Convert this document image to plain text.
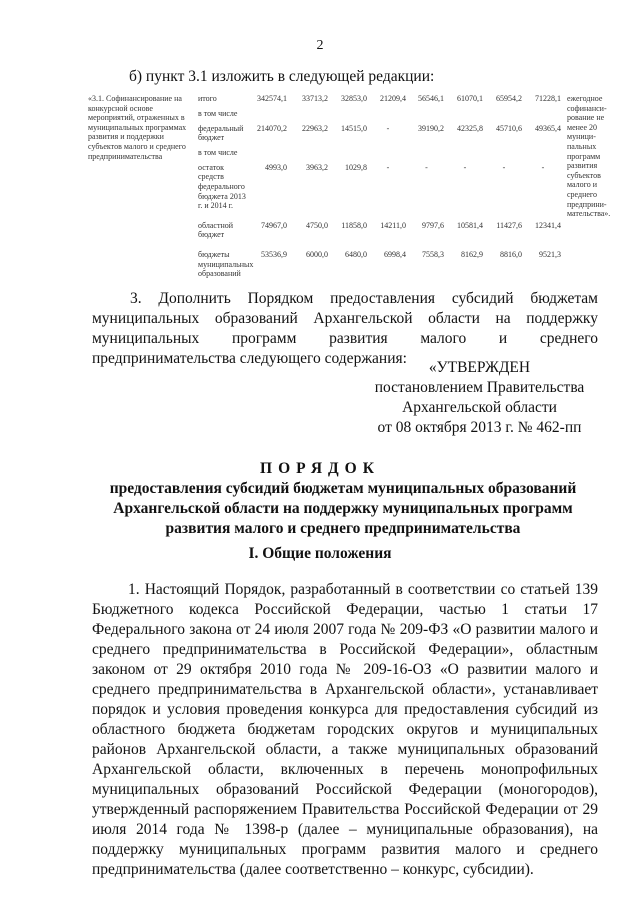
2
б) пункт 3.1 изложить в следующей редакции:
«3.1. Софинансирование на конкурсной основе мероприятий, отраженных в муниципальных программах развития и поддержки субъектов малого и среднего предпринимательства	итого	342574,1	33713,2	32853,0	21209,4	56546,1	61070,1	65954,2	71228,1	ежегодное софинанси-рование не менее 20 муници-пальных программ развития субъектов малого и среднего предприни-мательства».
	в том числе									
	федеральный бюджет	214070,2	22963,2	14515,0	-	39190,2	42325,8	45710,6	49365,4	
	в том числе									
	остаток средств федерального бюджета 2013 г. и 2014 г.	4993,0	3963,2	1029,8	-	-	-	-	-	
	областной бюджет	74967,0	4750,0	11858,0	14211,0	9797,6	10581,4	11427,6	12341,4	
	бюджеты муниципальных образований	53536,9	6000,0	6480,0	6998,4	7558,3	8162,9	8816,0	9521,3	
3. Дополнить Порядком предоставления субсидий бюджетам муниципальных образований Архангельской области на поддержку муниципальных программ развития малого и среднего предпринимательства следующего содержания:
«УТВЕРЖДЕН
постановлением Правительства
Архангельской области
от 08 октября 2013 г. № 462-пп
ПОРЯДОК
предоставления субсидий бюджетам муниципальных образований Архангельской области на поддержку муниципальных программ развития малого и среднего предпринимательства
I. Общие положения
1. Настоящий Порядок, разработанный в соответствии со статьей 139 Бюджетного кодекса Российской Федерации, частью 1 статьи 17 Федерального закона от 24 июля 2007 года № 209-ФЗ «О развитии малого и среднего предпринимательства в Российской Федерации», областным законом от 29 октября 2010 года № 209-16-ОЗ «О развитии малого и среднего предпринимательства в Архангельской области», устанавливает порядок и условия проведения конкурса для предоставления субсидий из областного бюджета бюджетам городских округов и муниципальных районов Архангельской области, а также муниципальных образований Архангельской области, включенных в перечень монопрофильных муниципальных образований Российской Федерации (моногородов), утвержденный распоряжением Правительства Российской Федерации от 29 июля 2014 года № 1398-р (далее – муниципальные образования), на поддержку муниципальных программ развития малого и среднего предпринимательства (далее соответственно – конкурс, субсидии).
